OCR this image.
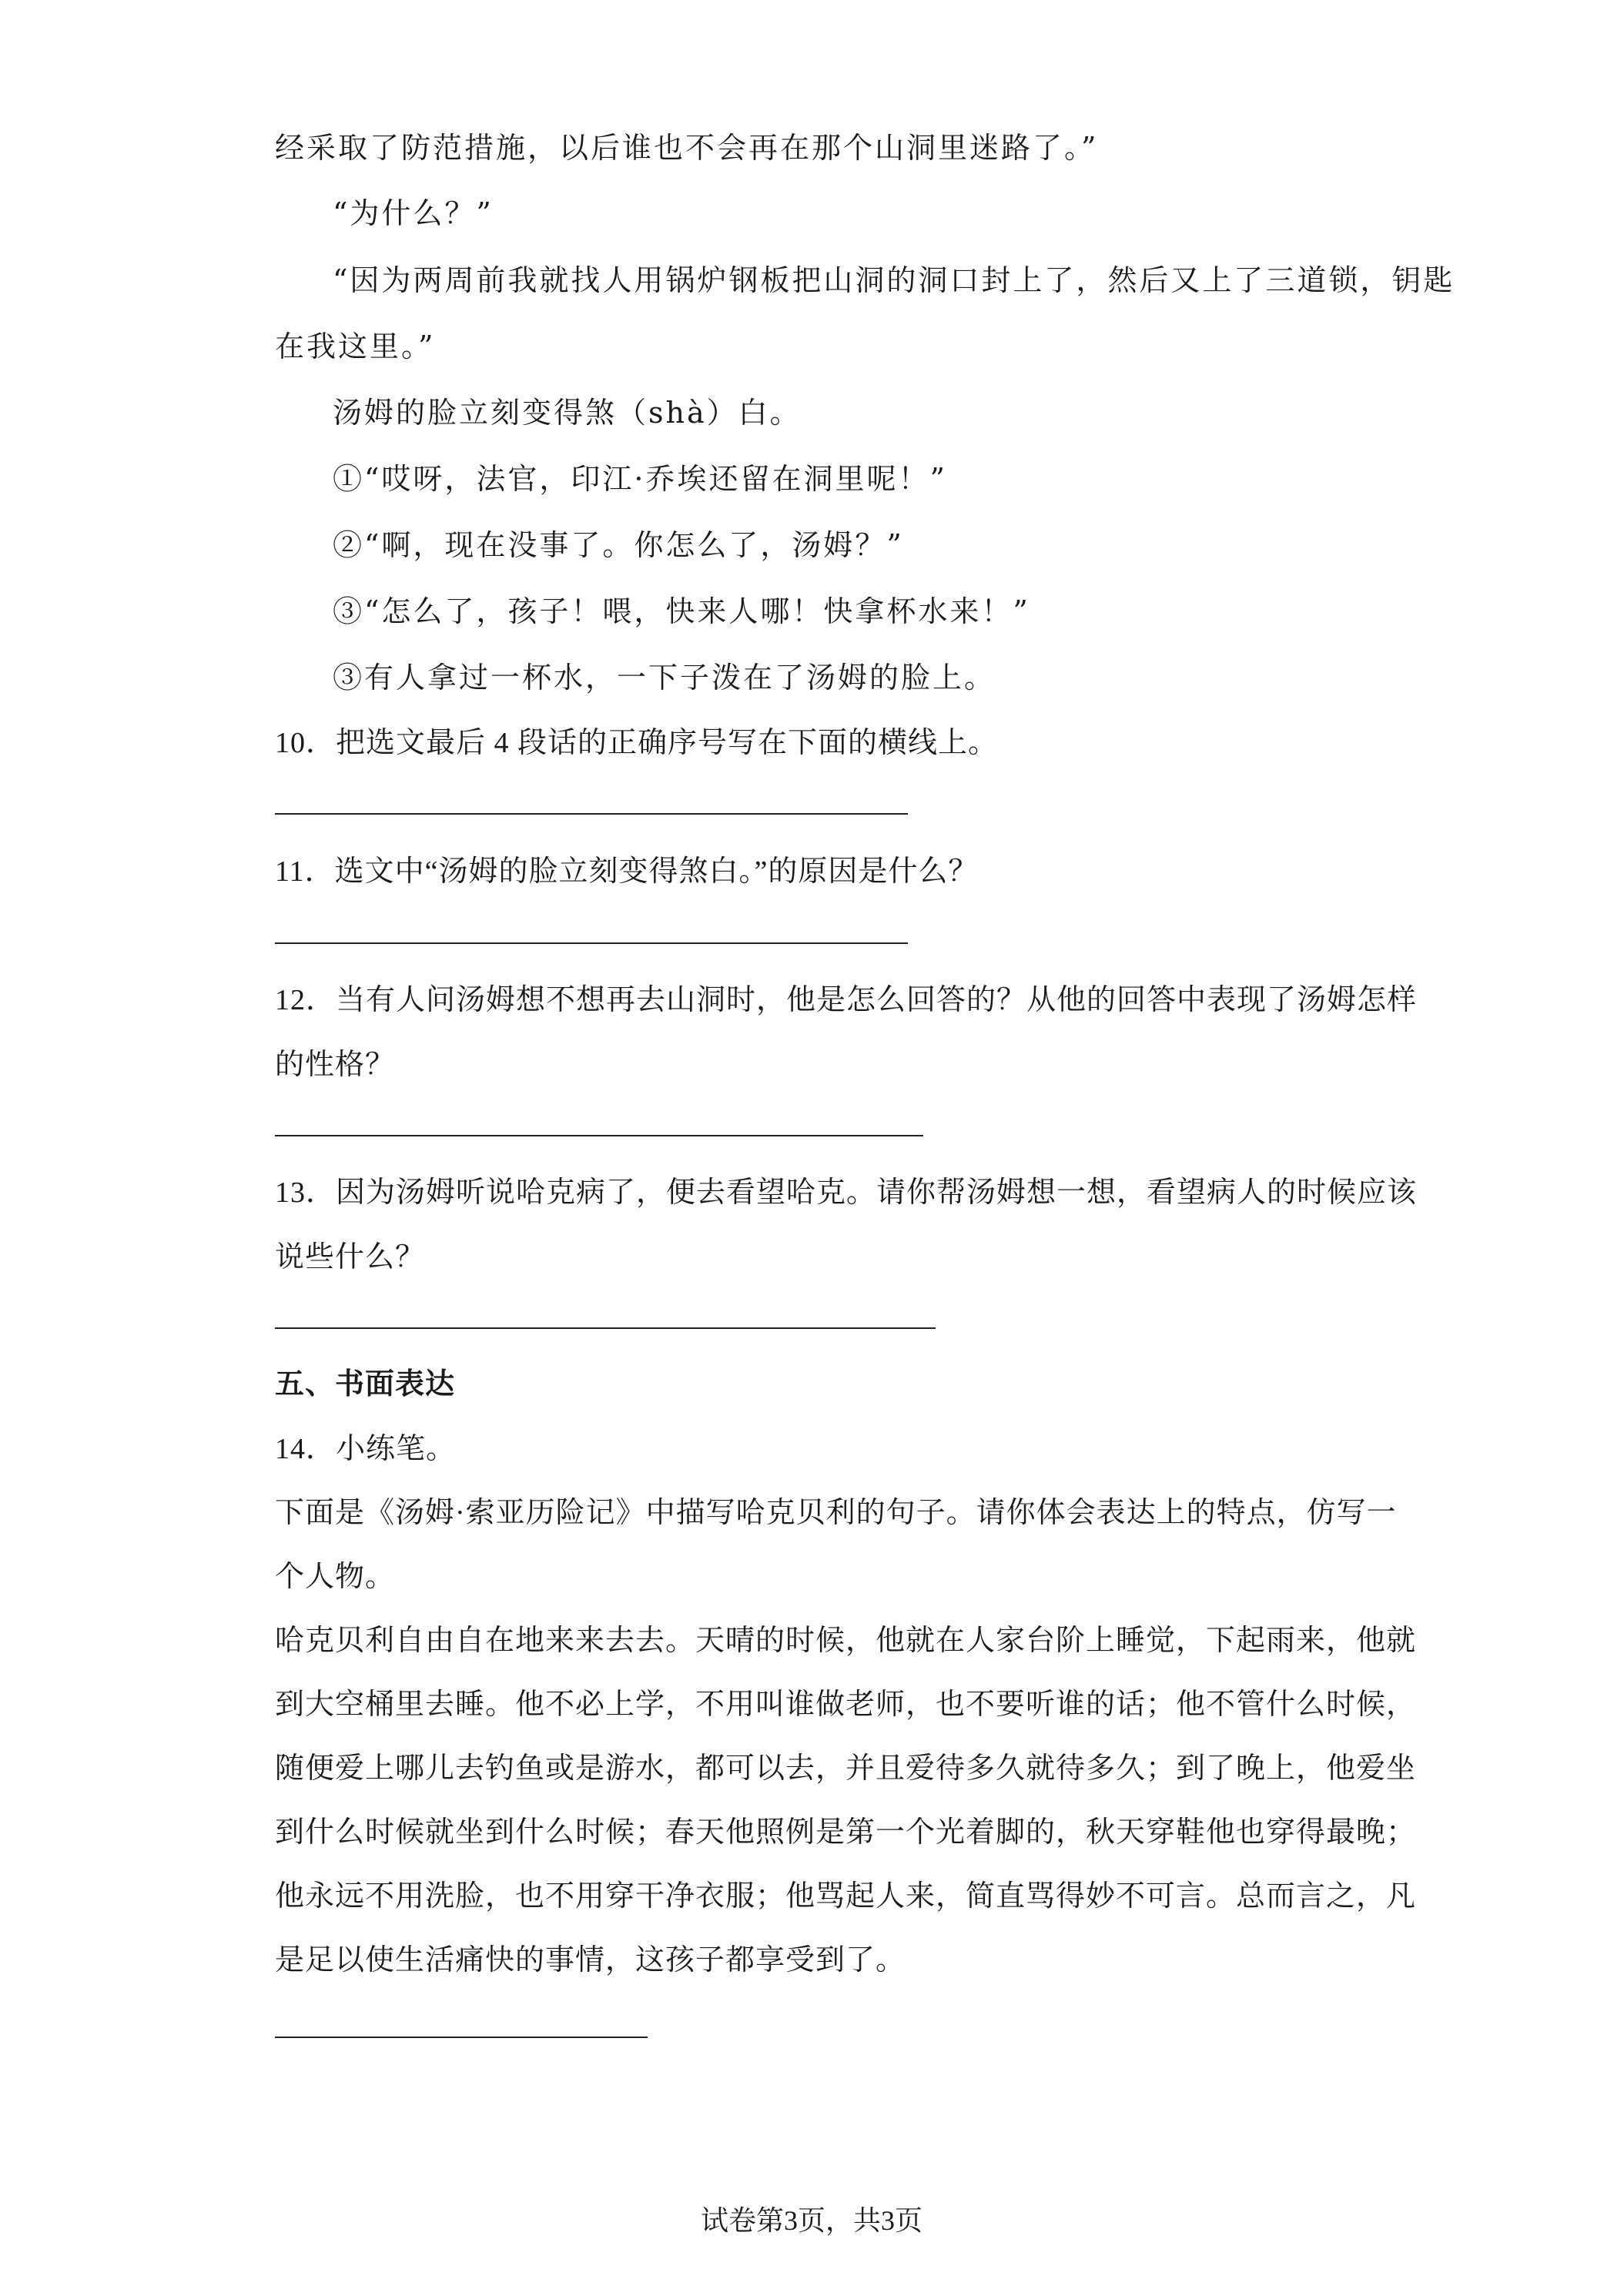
经采取了防范措施，以后谁也不会再在那个山洞里迷路了。”
“为什么？”
“因为两周前我就找人用锅炉钢板把山洞的洞口封上了，然后又上了三道锁，钥匙
在我这里。”
汤姆的脸立刻变得煞（shà）白。
①“哎呀，法官，印江·乔埃还留在洞里呢！”
②“啊，现在没事了。你怎么了，汤姆？”
③“怎么了，孩子！喂，快来人哪！快拿杯水来！”
③有人拿过一杯水，一下子泼在了汤姆的脸上。
10．把选文最后 4 段话的正确序号写在下面的横线上。
11．选文中“汤姆的脸立刻变得煞白。”的原因是什么？
12．当有人问汤姆想不想再去山洞时，他是怎么回答的？从他的回答中表现了汤姆怎样
的性格？
13．因为汤姆听说哈克病了，便去看望哈克。请你帮汤姆想一想，看望病人的时候应该
说些什么？
五、书面表达
14．小练笔。
下面是《汤姆·索亚历险记》中描写哈克贝利的句子。请你体会表达上的特点，仿写一
个人物。
哈克贝利自由自在地来来去去。天晴的时候，他就在人家台阶上睡觉，下起雨来，他就
到大空桶里去睡。他不必上学，不用叫谁做老师，也不要听谁的话；他不管什么时候，
随便爱上哪儿去钓鱼或是游水，都可以去，并且爱待多久就待多久；到了晚上，他爱坐
到什么时候就坐到什么时候；春天他照例是第一个光着脚的，秋天穿鞋他也穿得最晚；
他永远不用洗脸，也不用穿干净衣服；他骂起人来，简直骂得妙不可言。总而言之，凡
是足以使生活痛快的事情，这孩子都享受到了。
试卷第3页，共3页
